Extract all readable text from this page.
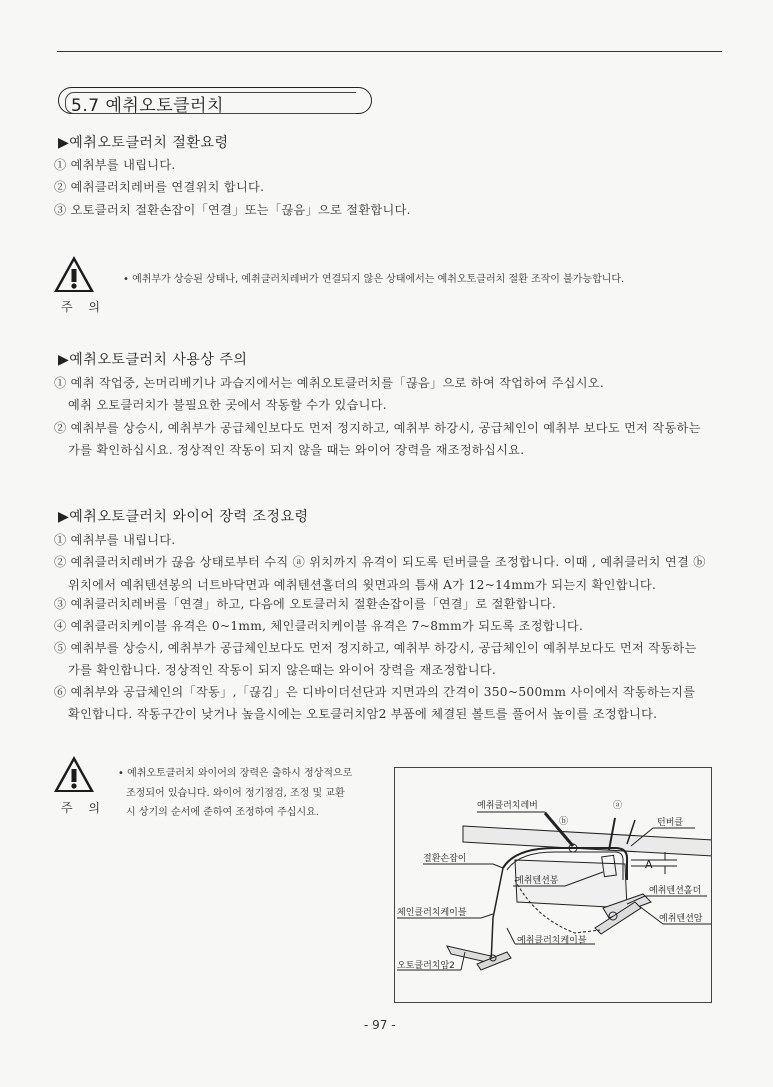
5.7 예취오토클러치
▶예취오토클러치 절환요령
① 예취부를 내립니다.
② 예취클러치레버를 연결위치 합니다.
③ 오토클러치 절환손잡이「연결」또는「끊음」으로 절환합니다.
주 의
• 예취부가 상승된 상태나, 예취클러치레버가 연결되지 않은 상태에서는 예취오토클러치 절환 조작이 불가능합니다.
▶예취오토클러치 사용상 주의
① 예취 작업중, 논머리베기나 과습지에서는 예취오토클러치를「끊음」으로 하여 작업하여 주십시오.
예취 오토클러치가 불필요한 곳에서 작동할 수가 있습니다.
② 예취부를 상승시, 예취부가 공급체인보다도 먼저 정지하고, 예취부 하강시, 공급체인이 예취부 보다도 먼저 작동하는
가를 확인하십시요. 정상적인 작동이 되지 않을 때는 와이어 장력을 재조정하십시요.
▶예취오토클러치 와이어 장력 조정요령
① 예취부를 내립니다.
② 예취클러치레버가 끊음 상태로부터 수직 ⓐ 위치까지 유격이 되도록 턴버클을 조정합니다. 이때 , 예취클러치 연결 ⓑ
위치에서 예취텐션봉의 너트바닥면과 예취텐션홀더의 윗면과의 틈새 A가 12~14mm가 되는지 확인합니다.
③ 예취클러치레버를「연결」하고, 다음에 오토클러치 절환손잡이를「연결」로 절환합니다.
④ 예취클러치케이블 유격은 0~1mm, 체인클러치케이블 유격은 7~8mm가 되도록 조정합니다.
⑤ 예취부를 상승시, 예취부가 공급체인보다도 먼저 정지하고, 예취부 하강시, 공급체인이 예취부보다도 먼저 작동하는
가를 확인합니다. 정상적인 작동이 되지 않은때는 와이어 장력을 재조정합니다.
⑥ 예취부와 공급체인의「작동」,「끊김」은 디바이더선단과 지면과의 간격이 350~500mm 사이에서 작동하는지를
확인합니다. 작동구간이 낮거나 높을시에는 오토클러치암2 부품에 체결된 볼트를 풀어서 높이를 조정합니다.
주 의
• 예취오토클러치 와이어의 장력은 출하시 정상적으로
조정되어 있습니다. 와이어 정기점검, 조정 및 교환
시 상기의 순서에 준하여 조정하여 주십시요.
예취클러치레버	ⓐ
ⓑ	턴버클
절환손잡이	A
예취텐션봉
예취텐션홀더
예취텐션암
체인클러치케이블
예취클러치케이블
오토클러치암2
- 97 -
